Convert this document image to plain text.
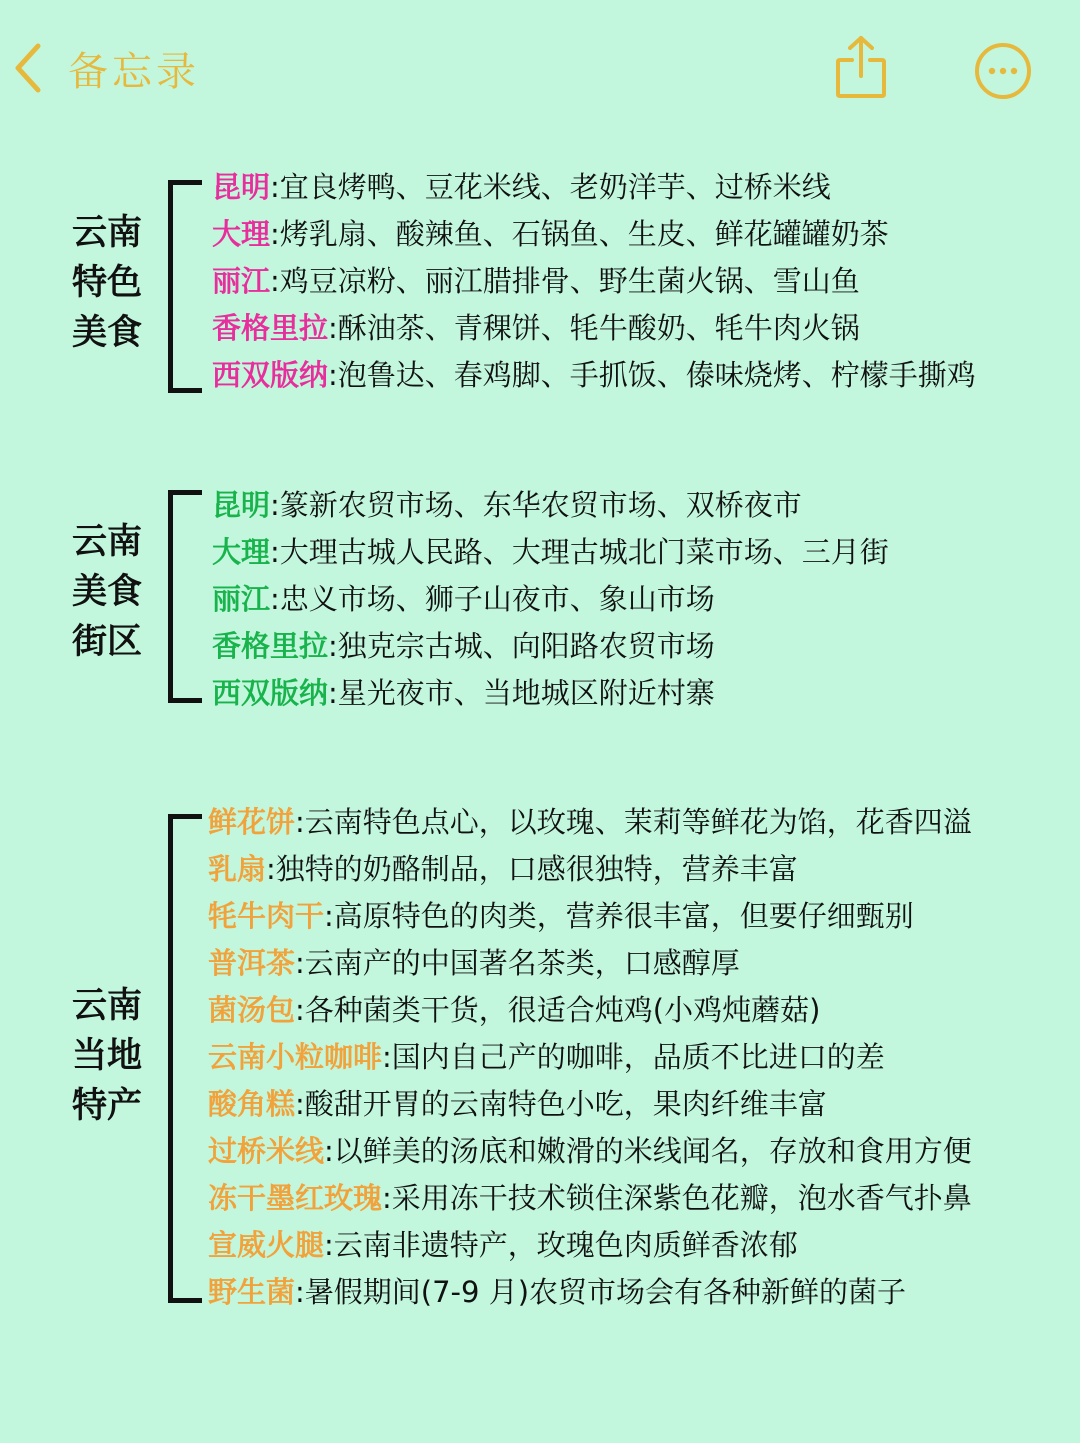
备忘录
云南
特色
美食
昆明:宜良烤鸭、豆花米线、老奶洋芋、过桥米线
大理:烤乳扇、酸辣鱼、石锅鱼、生皮、鲜花罐罐奶茶
丽江:鸡豆凉粉、丽江腊排骨、野生菌火锅、雪山鱼
香格里拉:酥油茶、青稞饼、牦牛酸奶、牦牛肉火锅
西双版纳:泡鲁达、春鸡脚、手抓饭、傣味烧烤、柠檬手撕鸡
云南
美食
街区
昆明:篆新农贸市场、东华农贸市场、双桥夜市
大理:大理古城人民路、大理古城北门菜市场、三月街
丽江:忠义市场、狮子山夜市、象山市场
香格里拉:独克宗古城、向阳路农贸市场
西双版纳:星光夜市、当地城区附近村寨
云南
当地
特产
鲜花饼:云南特色点心，以玫瑰、茉莉等鲜花为馅，花香四溢
乳扇:独特的奶酪制品，口感很独特，营养丰富
牦牛肉干:高原特色的肉类，营养很丰富，但要仔细甄别
普洱茶:云南产的中国著名茶类，口感醇厚
菌汤包:各种菌类干货，很适合炖鸡(小鸡炖蘑菇)
云南小粒咖啡:国内自己产的咖啡，品质不比进口的差
酸角糕:酸甜开胃的云南特色小吃，果肉纤维丰富
过桥米线:以鲜美的汤底和嫩滑的米线闻名，存放和食用方便
冻干墨红玫瑰:采用冻干技术锁住深紫色花瓣，泡水香气扑鼻
宣威火腿:云南非遗特产，玫瑰色肉质鲜香浓郁
野生菌:暑假期间(7-9 月)农贸市场会有各种新鲜的菌子
